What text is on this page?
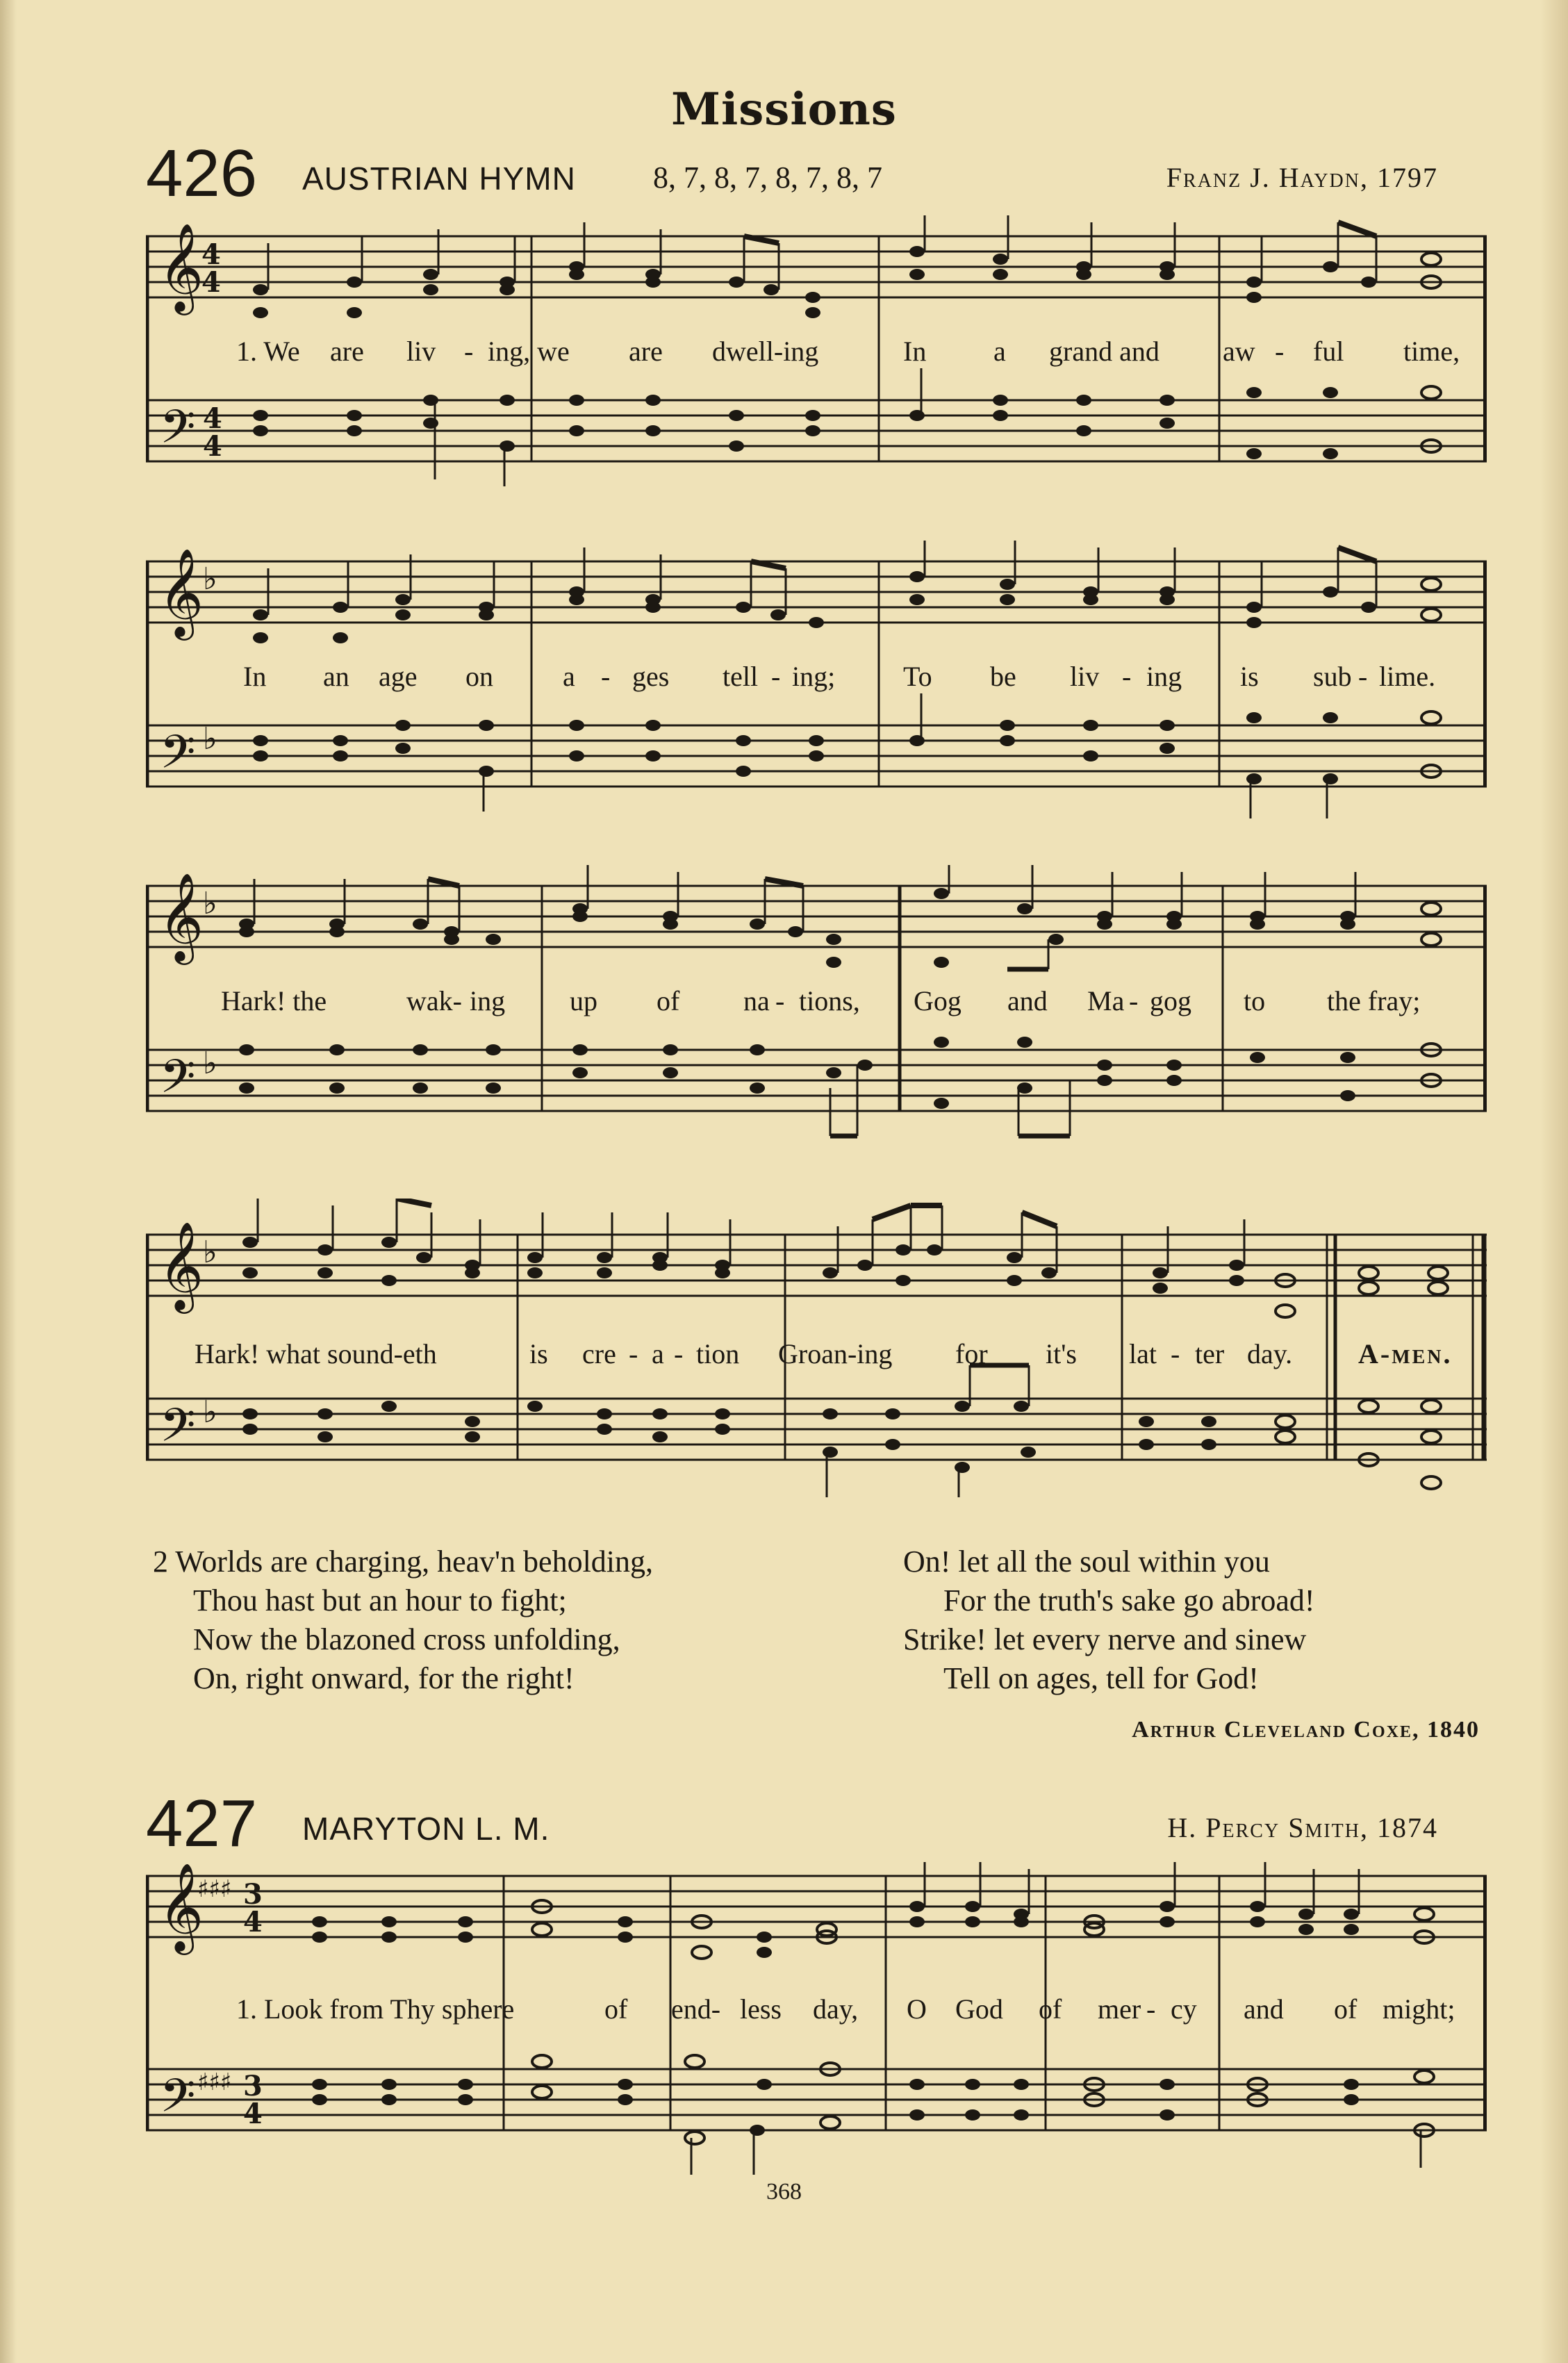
Missions
426 AUSTRIAN HYMN	8, 7, 8, 7, 8, 7, 8, 7	Franz J. Haydn, 1797
𝄞
𝄢
4
4
4
4
1. We are liv - ing, we are dwell-ing	In a grand and aw - ful time,
𝄞
𝄢
♭
♭
In an age on	a - ges tell - ing; To be liv - ing is sub - lime.
𝄞
𝄢
♭
♭
Hark! the	wak- ing up of na - tions, Gog and Ma - gog to the fray;
𝄞
𝄢
♭
♭
Hark! what sound-eth	is cre - a - tion Groan-ing for it's lat - ter day. A-men.
2 Worlds are charging, heav'n beholding,
Thou hast but an hour to fight;
Now the blazoned cross unfolding,
On, right onward, for the right!
On! let all the soul within you
For the truth's sake go abroad!
Strike! let every nerve and sinew
Tell on ages, tell for God!
Arthur Cleveland Coxe, 1840
427 MARYTON L. M.	H. Percy Smith, 1874
𝄞
𝄢
♯♯♯
♯♯♯
3
4
3
4
1. Look from Thy sphere	of end- less day, O God of mer - cy and of might;
368
